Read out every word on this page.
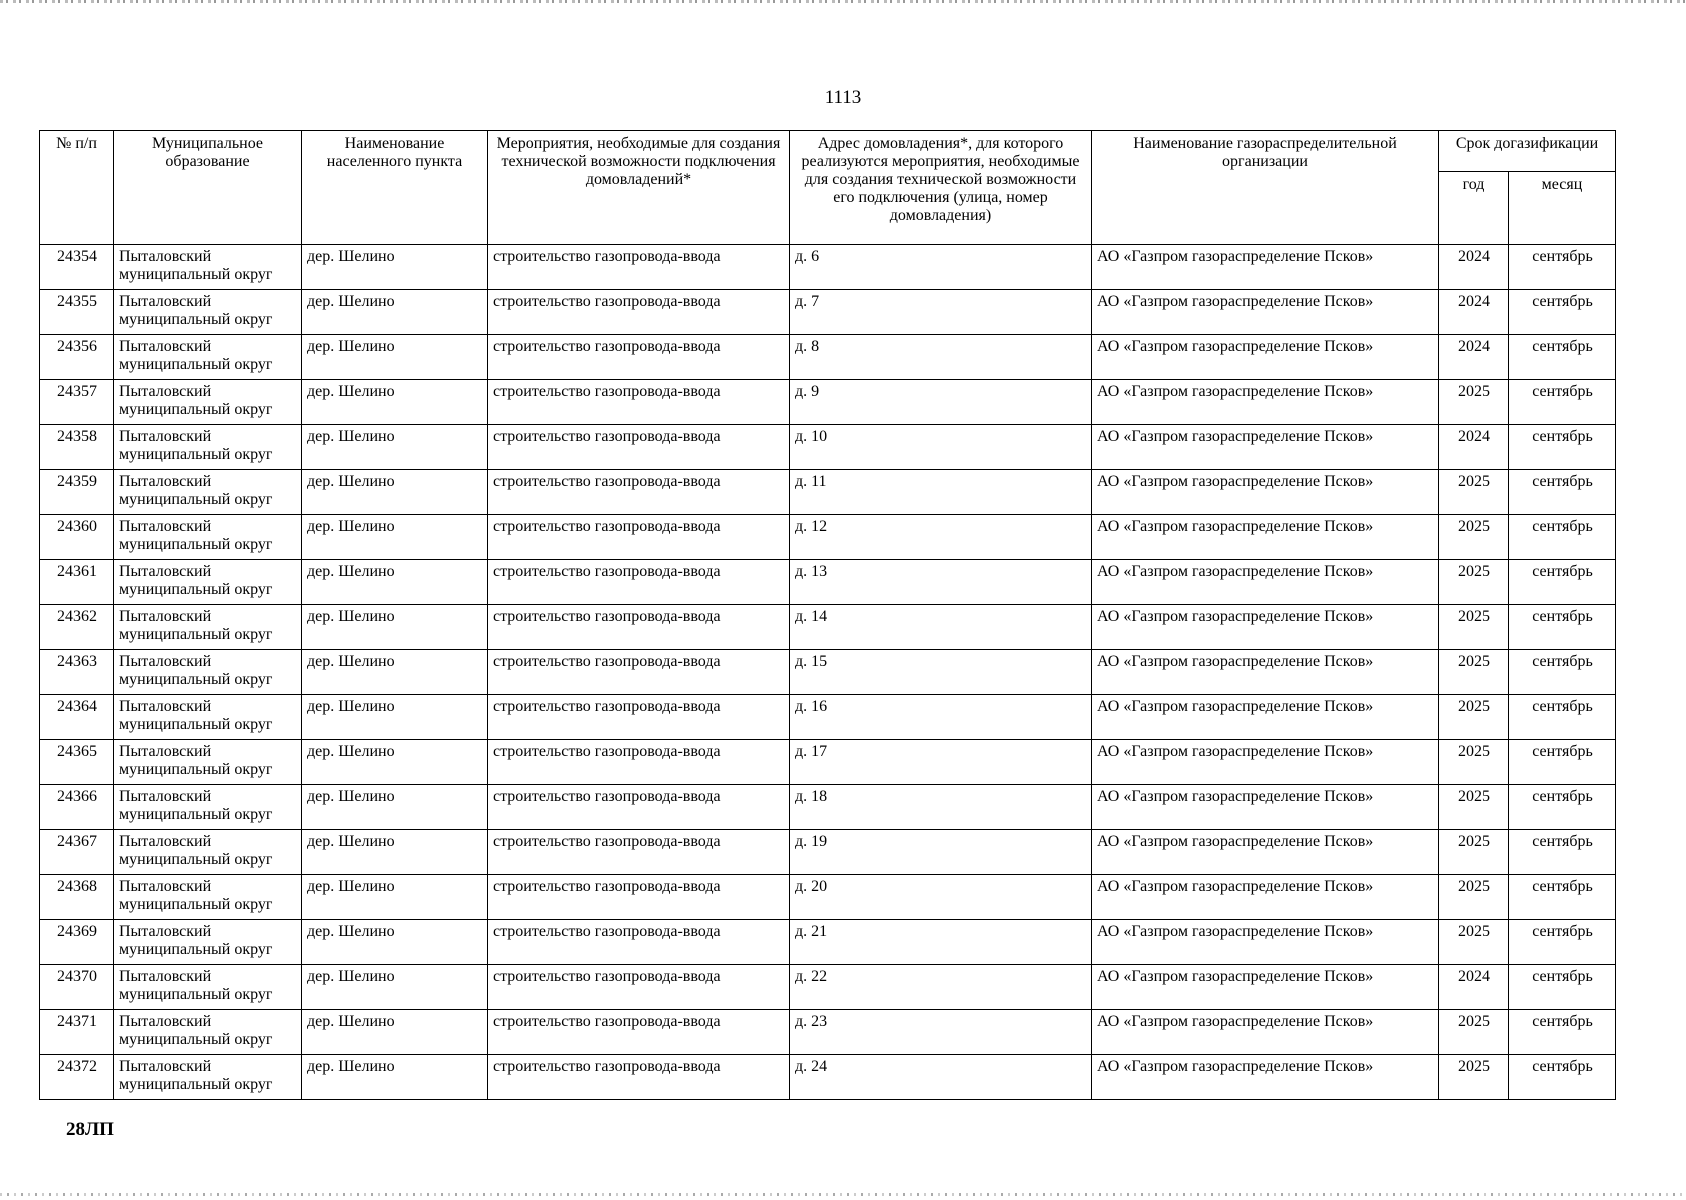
1113
№ п/п	Муниципальное образование	Наименование населенного пункта	Мероприятия, необходимые для создания технической возможности подключения домовладений*	Адрес домовладения*, для которого реализуются мероприятия, необходимые для создания технической возможности его подключения (улица, номер домовладения)	Наименование газораспределительной организации	Срок догазификации	
						год	месяц
24354	Пыталовский муниципальный округ	дер. Шелино	строительство газопровода-ввода	д. 6	АО «Газпром газораспределение Псков»	2024	сентябрь
24355	Пыталовский муниципальный округ	дер. Шелино	строительство газопровода-ввода	д. 7	АО «Газпром газораспределение Псков»	2024	сентябрь
24356	Пыталовский муниципальный округ	дер. Шелино	строительство газопровода-ввода	д. 8	АО «Газпром газораспределение Псков»	2024	сентябрь
24357	Пыталовский муниципальный округ	дер. Шелино	строительство газопровода-ввода	д. 9	АО «Газпром газораспределение Псков»	2025	сентябрь
24358	Пыталовский муниципальный округ	дер. Шелино	строительство газопровода-ввода	д. 10	АО «Газпром газораспределение Псков»	2024	сентябрь
24359	Пыталовский муниципальный округ	дер. Шелино	строительство газопровода-ввода	д. 11	АО «Газпром газораспределение Псков»	2025	сентябрь
24360	Пыталовский муниципальный округ	дер. Шелино	строительство газопровода-ввода	д. 12	АО «Газпром газораспределение Псков»	2025	сентябрь
24361	Пыталовский муниципальный округ	дер. Шелино	строительство газопровода-ввода	д. 13	АО «Газпром газораспределение Псков»	2025	сентябрь
24362	Пыталовский муниципальный округ	дер. Шелино	строительство газопровода-ввода	д. 14	АО «Газпром газораспределение Псков»	2025	сентябрь
24363	Пыталовский муниципальный округ	дер. Шелино	строительство газопровода-ввода	д. 15	АО «Газпром газораспределение Псков»	2025	сентябрь
24364	Пыталовский муниципальный округ	дер. Шелино	строительство газопровода-ввода	д. 16	АО «Газпром газораспределение Псков»	2025	сентябрь
24365	Пыталовский муниципальный округ	дер. Шелино	строительство газопровода-ввода	д. 17	АО «Газпром газораспределение Псков»	2025	сентябрь
24366	Пыталовский муниципальный округ	дер. Шелино	строительство газопровода-ввода	д. 18	АО «Газпром газораспределение Псков»	2025	сентябрь
24367	Пыталовский муниципальный округ	дер. Шелино	строительство газопровода-ввода	д. 19	АО «Газпром газораспределение Псков»	2025	сентябрь
24368	Пыталовский муниципальный округ	дер. Шелино	строительство газопровода-ввода	д. 20	АО «Газпром газораспределение Псков»	2025	сентябрь
24369	Пыталовский муниципальный округ	дер. Шелино	строительство газопровода-ввода	д. 21	АО «Газпром газораспределение Псков»	2025	сентябрь
24370	Пыталовский муниципальный округ	дер. Шелино	строительство газопровода-ввода	д. 22	АО «Газпром газораспределение Псков»	2024	сентябрь
24371	Пыталовский муниципальный округ	дер. Шелино	строительство газопровода-ввода	д. 23	АО «Газпром газораспределение Псков»	2025	сентябрь
24372	Пыталовский муниципальный округ	дер. Шелино	строительство газопровода-ввода	д. 24	АО «Газпром газораспределение Псков»	2025	сентябрь
28ЛП
